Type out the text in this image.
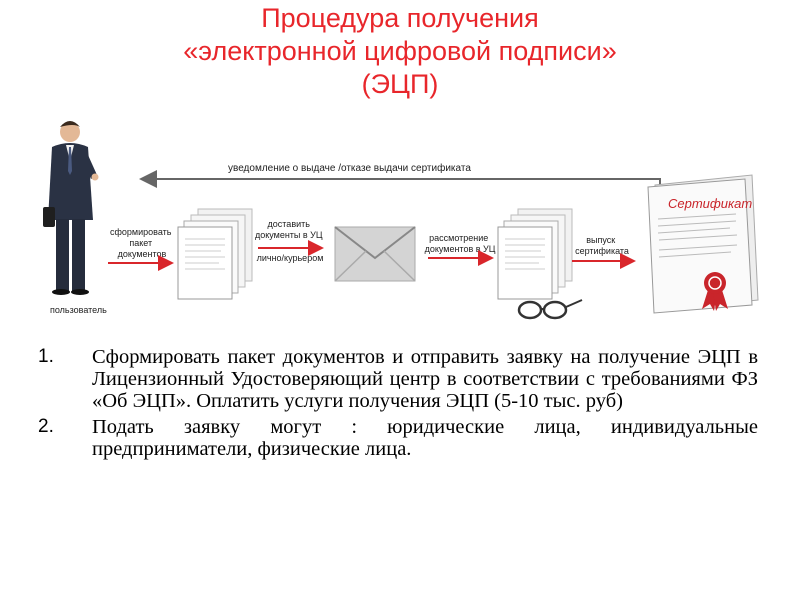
Процедура получения
«электронной цифровой подписи»
(ЭЦП)
уведомление о выдаче /отказе выдачи сертификата
пользователь
сформировать пакет документов
доставить документы в УЦ лично/курьером
рассмотрение документов в УЦ
выпуск сертификата
Сертификат
1. Сформировать пакет документов и отправить заявку на получение ЭЦП в Лицензионный Удостоверяющий центр в соответствии с требованиями ФЗ «Об ЭЦП». Оплатить услуги получения ЭЦП (5-10 тыс. руб)
2. Подать заявку могут : юридические лица, индивидуальные предприниматели, физические лица.
